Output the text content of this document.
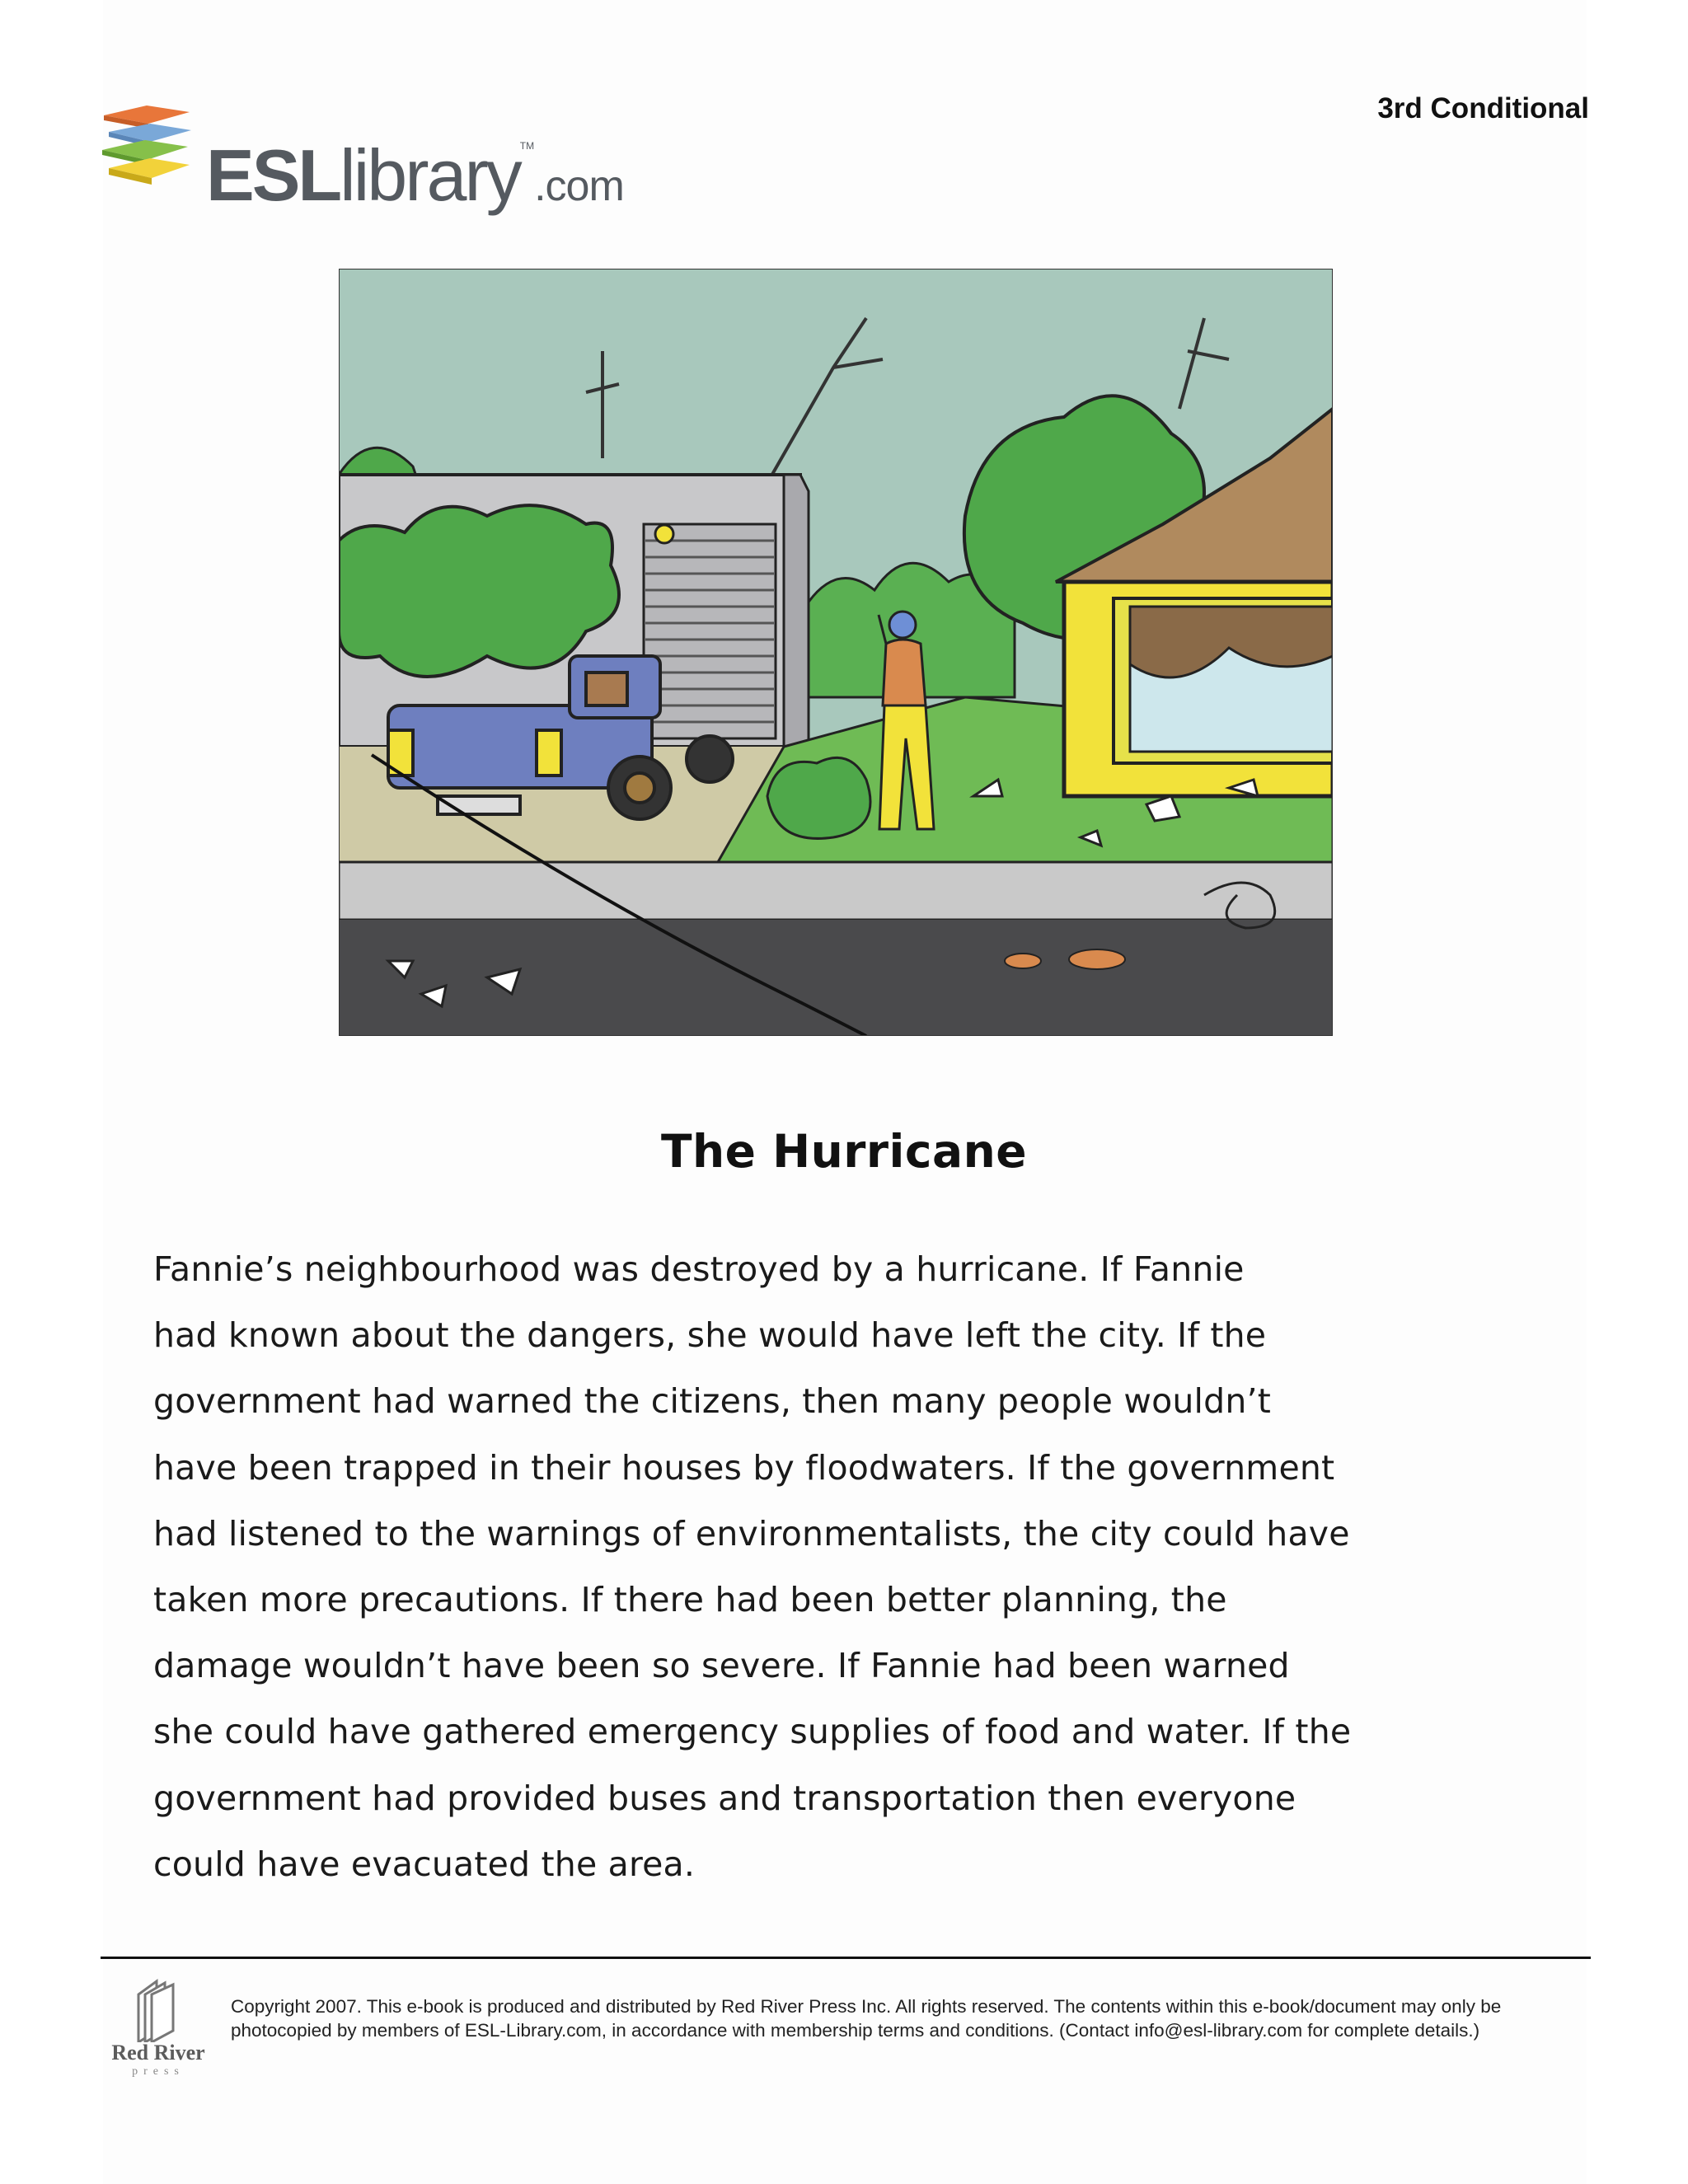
ESLlibrary™.com
3rd Conditional
The Hurricane
Fannie’s neighbourhood was destroyed by a hurricane. If Fannie
had known about the dangers, she would have left the city. If the
government had warned the citizens, then many people wouldn’t
have been trapped in their houses by floodwaters. If the government
had listened to the warnings of environmentalists, the city could have
taken more precautions. If there had been better planning, the
damage wouldn’t have been so severe. If Fannie had been warned
she could have gathered emergency supplies of food and water. If the
government had provided buses and transportation then everyone
could have evacuated the area.
Red River
press
Copyright 2007. This e-book is produced and distributed by Red River Press Inc. All rights reserved. The contents within this e-book/document may only be
photocopied by members of ESL-Library.com, in accordance with membership terms and conditions. (Contact info@esl-library.com for complete details.)
